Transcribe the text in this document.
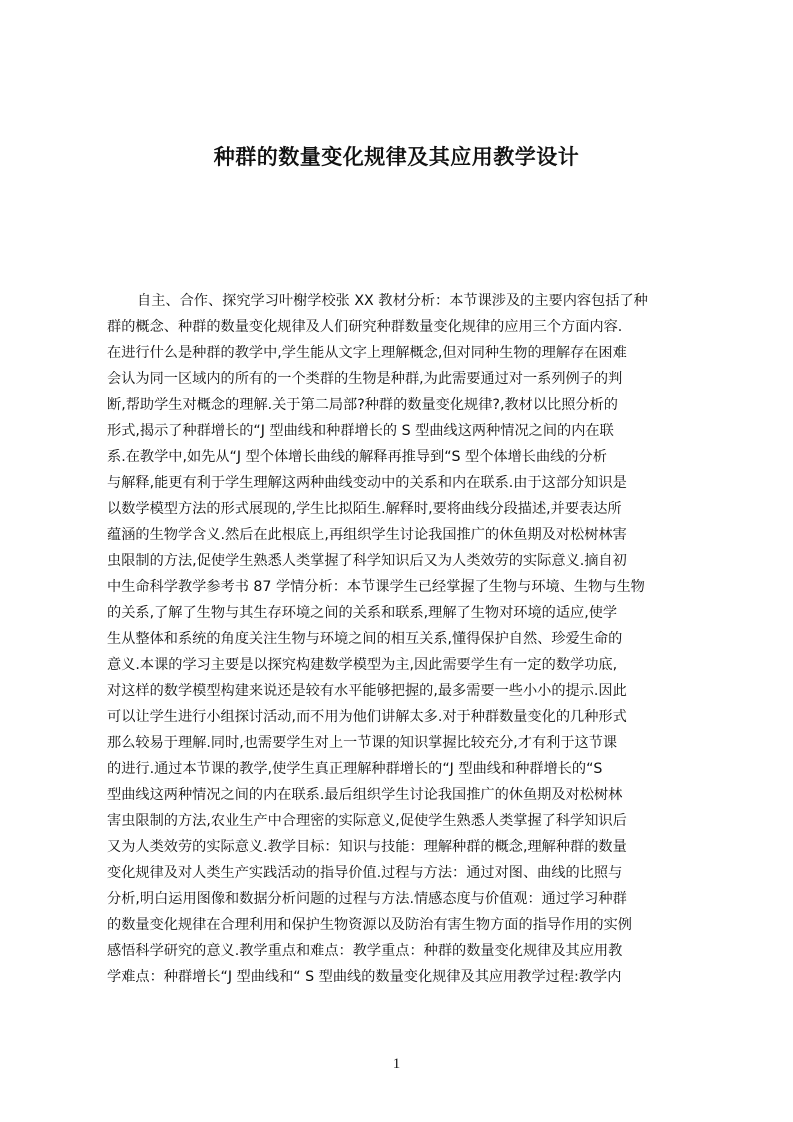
种群的数量变化规律及其应用教学设计
自主、合作、探究学习叶榭学校张 XX 教材分析：本节课涉及的主要内容包括了种
群的概念、种群的数量变化规律及人们研究种群数量变化规律的应用三个方面内容.
在进行什么是种群的教学中,学生能从文字上理解概念,但对同种生物的理解存在困难
会认为同一区域内的所有的一个类群的生物是种群,为此需要通过对一系列例子的判
断,帮助学生对概念的理解.关于第二局部?种群的数量变化规律?,教材以比照分析的
形式,揭示了种群增长的“J 型曲线和种群增长的 S 型曲线这两种情况之间的内在联
系.在教学中,如先从“J 型个体增长曲线的解释再推导到“S 型个体增长曲线的分析
与解释,能更有利于学生理解这两种曲线变动中的关系和内在联系.由于这部分知识是
以数学模型方法的形式展现的,学生比拟陌生.解释时,要将曲线分段描述,并要表达所
蕴涵的生物学含义.然后在此根底上,再组织学生讨论我国推广的休鱼期及对松树林害
虫限制的方法,促使学生熟悉人类掌握了科学知识后又为人类效劳的实际意义.摘自初
中生命科学教学参考书 87 学情分析：本节课学生已经掌握了生物与环境、生物与生物
的关系,了解了生物与其生存环境之间的关系和联系,理解了生物对环境的适应,使学
生从整体和系统的角度关注生物与环境之间的相互关系,懂得保护自然、珍爱生命的
意义.本课的学习主要是以探究构建数学模型为主,因此需要学生有一定的数学功底,
对这样的数学模型构建来说还是较有水平能够把握的,最多需要一些小小的提示.因此
可以让学生进行小组探讨活动,而不用为他们讲解太多.对于种群数量变化的几种形式
那么较易于理解.同时,也需要学生对上一节课的知识掌握比较充分,才有利于这节课
的进行.通过本节课的教学,使学生真正理解种群增长的“J 型曲线和种群增长的“S
型曲线这两种情况之间的内在联系.最后组织学生讨论我国推广的休鱼期及对松树林
害虫限制的方法,农业生产中合理密的实际意义,促使学生熟悉人类掌握了科学知识后
又为人类效劳的实际意义.教学目标：知识与技能：理解种群的概念,理解种群的数量
变化规律及对人类生产实践活动的指导价值.过程与方法：通过对图、曲线的比照与
分析,明白运用图像和数据分析问题的过程与方法.情感态度与价值观：通过学习种群
的数量变化规律在合理利用和保护生物资源以及防治有害生物方面的指导作用的实例
感悟科学研究的意义.教学重点和难点：教学重点：种群的数量变化规律及其应用教
学难点：种群增长“J 型曲线和“ S 型曲线的数量变化规律及其应用教学过程:教学内
1
